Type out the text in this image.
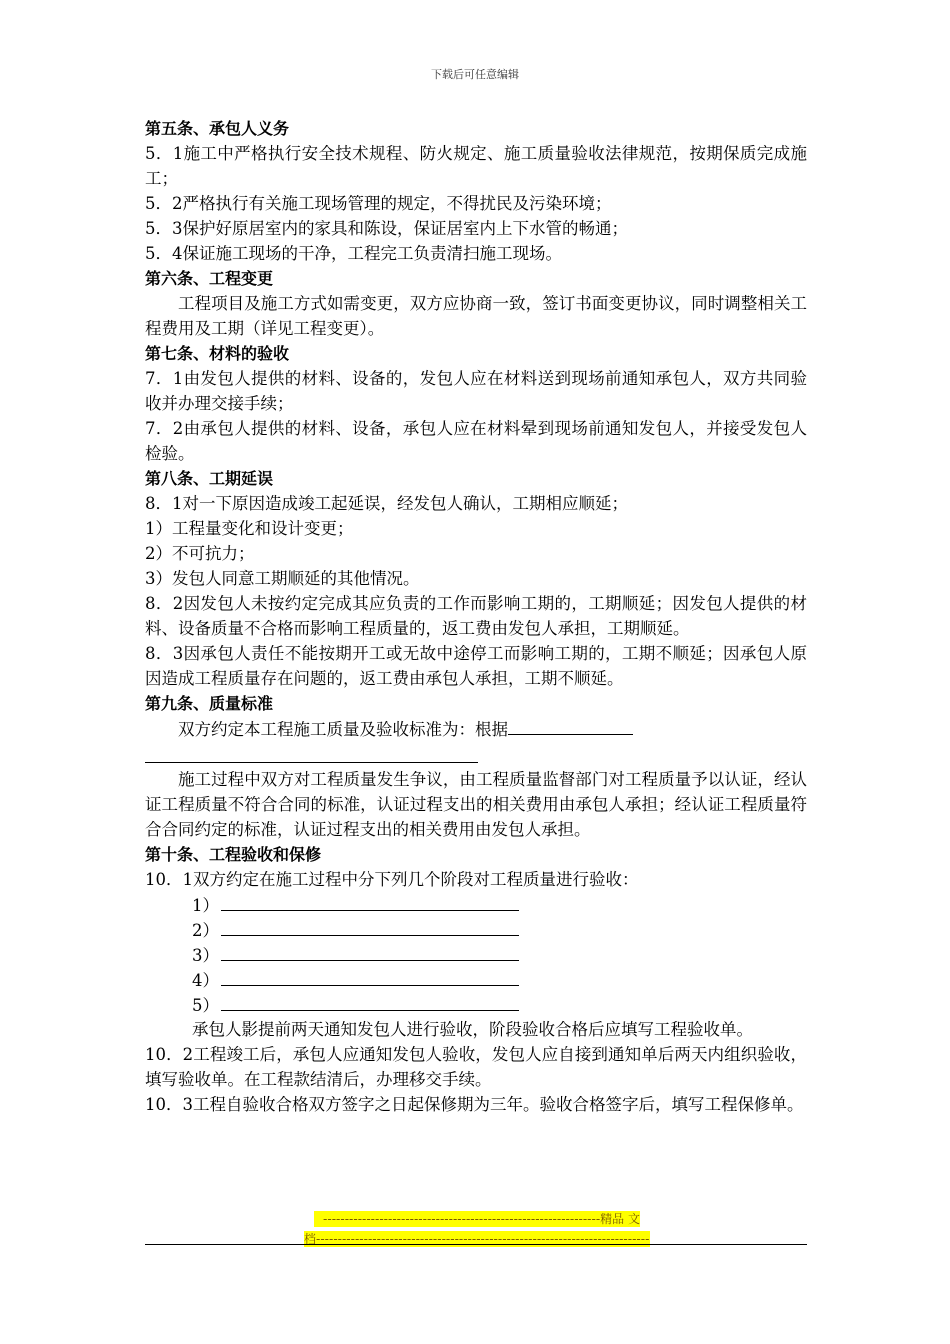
下载后可任意编辑

第五条、承包人义务

5．1施工中严格执行安全技术规程、防火规定、施工质量验收法律规范，按期保质完成施工；

5．2严格执行有关施工现场管理的规定，不得扰民及污染环境；

5．3保护好原居室内的家具和陈设，保证居室内上下水管的畅通；

5．4保证施工现场的干净，工程完工负责清扫施工现场。

第六条、工程变更

工程项目及施工方式如需变更，双方应协商一致，签订书面变更协议，同时调整相关工程费用及工期（详见工程变更）。

第七条、材料的验收

7．1由发包人提供的材料、设备的，发包人应在材料送到现场前通知承包人，双方共同验收并办理交接手续；

7．2由承包人提供的材料、设备，承包人应在材料晕到现场前通知发包人，并接受发包人检验。

第八条、工期延误

8．1对一下原因造成竣工起延误，经发包人确认，工期相应顺延；

1）工程量变化和设计变更；

2）不可抗力；

3）发包人同意工期顺延的其他情况。

8．2因发包人未按约定完成其应负责的工作而影响工期的，工期顺延；因发包人提供的材料、设备质量不合格而影响工程质量的，返工费由发包人承担，工期顺延。

8．3因承包人责任不能按期开工或无故中途停工而影响工期的，工期不顺延；因承包人原因造成工程质量存在问题的，返工费由承包人承担，工期不顺延。

第九条、质量标准

双方约定本工程施工质量及验收标准为：根据

施工过程中双方对工程质量发生争议，由工程质量监督部门对工程质量予以认证，经认证工程质量不符合合同的标准，认证过程支出的相关费用由承包人承担；经认证工程质量符合合同约定的标准，认证过程支出的相关费用由发包人承担。

第十条、工程验收和保修

10．1双方约定在施工过程中分下列几个阶段对工程质量进行验收：

1）
2）
3）
4）
5）

承包人影提前两天通知发包人进行验收，阶段验收合格后应填写工程验收单。

10．2工程竣工后，承包人应通知发包人验收，发包人应自接到通知单后两天内组织验收，填写验收单。在工程款结清后，办理移交手续。

10．3工程自验收合格双方签字之日起保修期为三年。验收合格签字后，填写工程保修单。

----------------------------------------------------------------精品 文
档-----------------------------------------------------------------------------
